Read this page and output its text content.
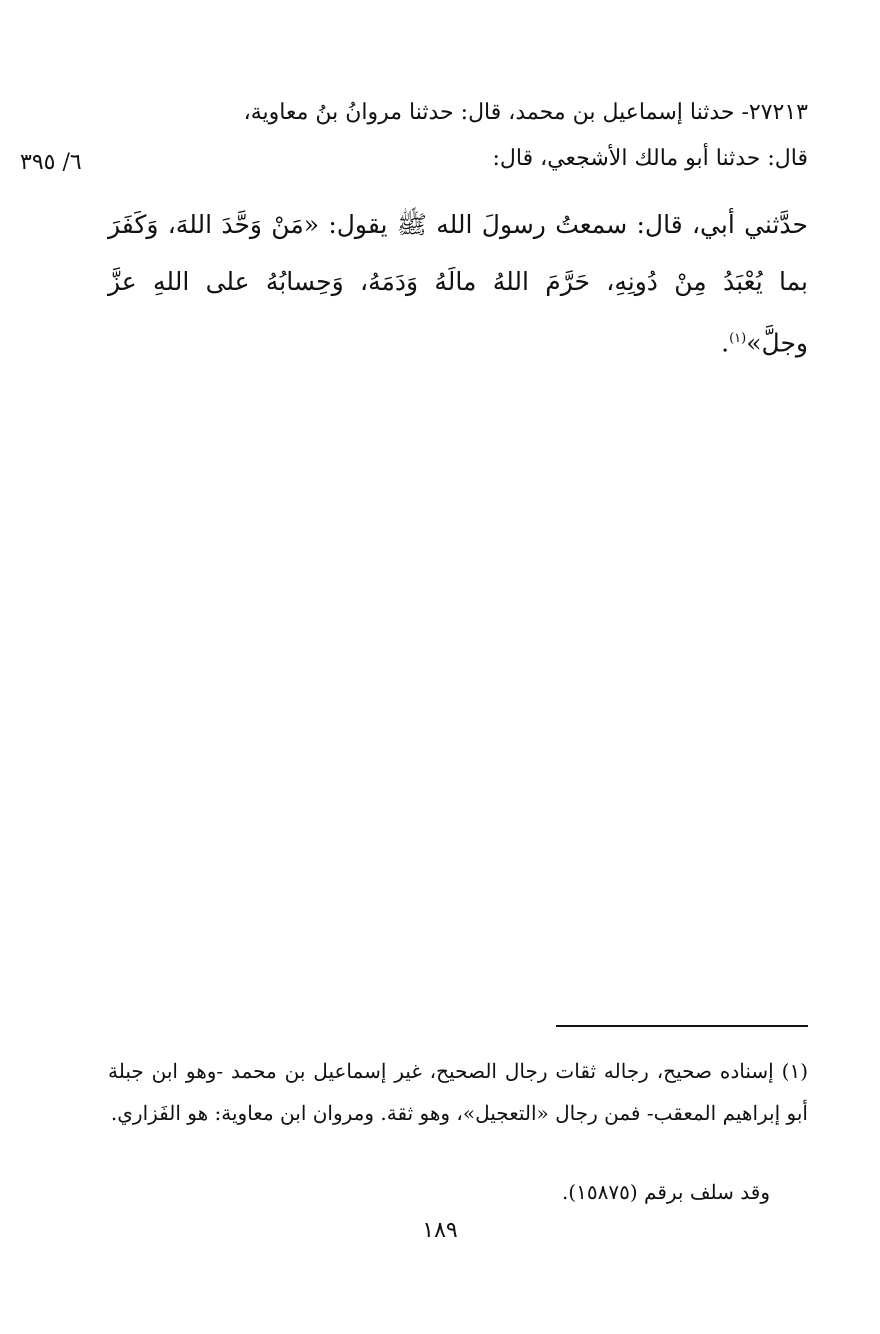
٦/ ٣٩٥
٢٧٢١٣- حدثنا إسماعيل بن محمد، قال: حدثنا مروانُ بنُ معاوية،
قال: حدثنا أبو مالك الأشجعي، قال:
حدَّثني أبي، قال: سمعتُ رسولَ الله ﷺ يقول: «مَنْ وَحَّدَ اللهَ، وَكَفَرَ بما يُعْبَدُ مِنْ دُونِهِ، حَرَّمَ اللهُ مالَهُ وَدَمَهُ، وَحِسابُهُ على اللهِ عزَّ وجلَّ»$^{(١)}$.
(١) إسناده صحيح، رجاله ثقات رجال الصحيح، غير إسماعيل بن محمد -وهو ابن جبلة أبو إبراهيم المعقب- فمن رجال «التعجيل»، وهو ثقة. ومروان ابن معاوية: هو الفَزاري.
وقد سلف برقم (١٥٨٧٥).
١٨٩
